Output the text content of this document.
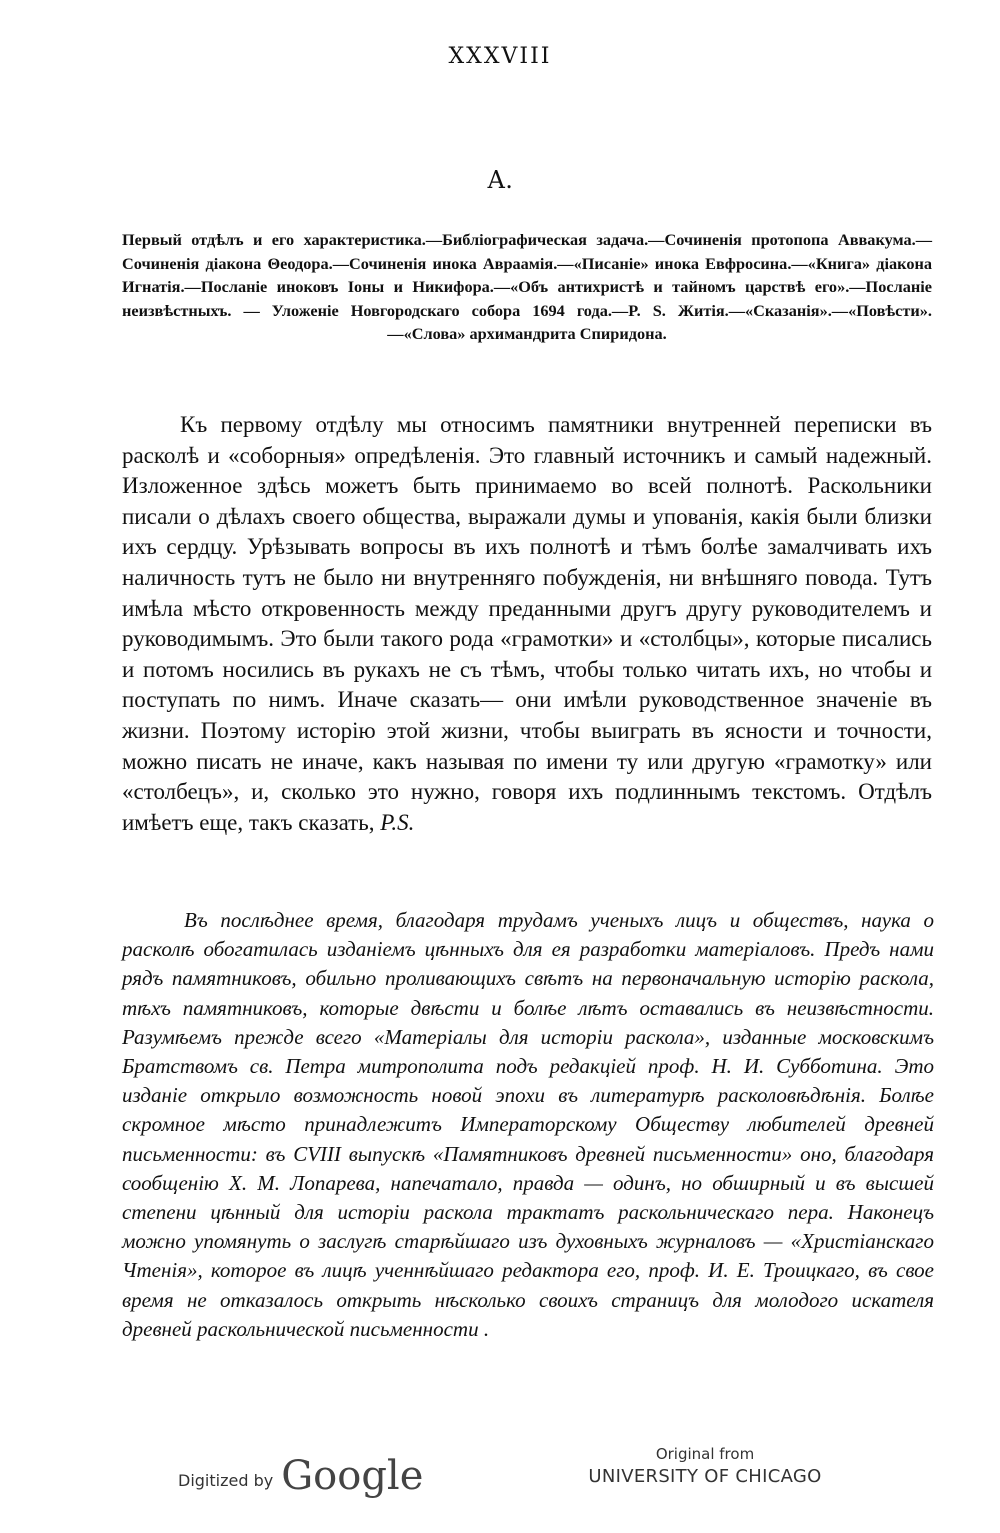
XXXVIII
А.
Первый отдѣлъ и его характеристика.—Библіографическая задача.—Сочиненія протопопа Аввакума.—Сочиненія діакона Θеодора.—Сочиненія инока Авраамія.—«Писаніе» инока Евфросина.—«Книга» діакона Игнатія.—Посланіе иноковъ Іоны и Никифора.—«Объ антихристѣ и тайномъ царствѣ его».—Посланіе неизвѣстныхъ. — Уложеніе Новгородскаго собора 1694 года.—P. S. Житія.—«Сказанія».—«Повѣсти».—«Слова» архимандрита Спиридона.

Къ первому отдѣлу мы относимъ памятники внутренней переписки въ расколѣ и «соборныя» опредѣленія. Это главный источникъ и самый надежный. Изложенное здѣсь можетъ быть принимаемо во всей полнотѣ. Раскольники писали о дѣлахъ своего общества, выражали думы и упованія, какія были близки ихъ сердцу. Урѣзывать вопросы въ ихъ полнотѣ и тѣмъ болѣе замалчивать ихъ наличность тутъ не было ни внутренняго побужденія, ни внѣшняго повода. Тутъ имѣла мѣсто откровенность между преданными другъ другу руководителемъ и руководимымъ. Это были такого рода «грамотки» и «столбцы», которые писались и потомъ носились въ рукахъ не съ тѣмъ, чтобы только читать ихъ, но чтобы и поступать по нимъ. Иначе сказать— они имѣли руководственное значеніе въ жизни. Поэтому исторію этой жизни, чтобы выиграть въ ясности и точности, можно писать не иначе, какъ называя по имени ту или другую «грамотку» или «столбецъ», и, сколько это нужно, говоря ихъ подлиннымъ текстомъ. Отдѣлъ имѣетъ еще, такъ сказать, P.S.

Въ послѣднее время, благодаря трудамъ ученыхъ лицъ и обществъ, наука о расколѣ обогатилась изданіемъ цѣнныхъ для ея разработки матеріаловъ. Предъ нами рядъ памятниковъ, обильно проливающихъ свѣтъ на первоначальную исторію раскола, тѣхъ памятниковъ, которые двѣсти и болѣе лѣтъ оставались въ неизвѣстности. Разумѣемъ прежде всего «Матеріалы для исторіи раскола», изданные московскимъ Братствомъ св. Петра митрополита подъ редакціей проф. Н. И. Субботина. Это изданіе открыло возможность новой эпохи въ литературѣ расколовѣдѣнія. Болѣе скромное мѣсто принадлежитъ Императорскому Обществу любителей древней письменности: въ CVIII выпускѣ «Памятниковъ древней письменности» оно, благодаря сообщенію Х. М. Лопарева, напечатало, правда — одинъ, но обширный и въ высшей степени цѣнный для исторіи раскола трактатъ раскольническаго пера. Наконецъ можно упомянуть о заслугѣ старѣйшаго изъ духовныхъ журналовъ — «Христіанскаго Чтенія», которое въ лицѣ ученнѣйшаго редактора его, проф. И. Е. Троицкаго, въ свое время не отказалось открыть нѣсколько своихъ страницъ для молодого искателя древней раскольнической письменности .

Digitized by Google	Original from
UNIVERSITY OF CHICAGO
